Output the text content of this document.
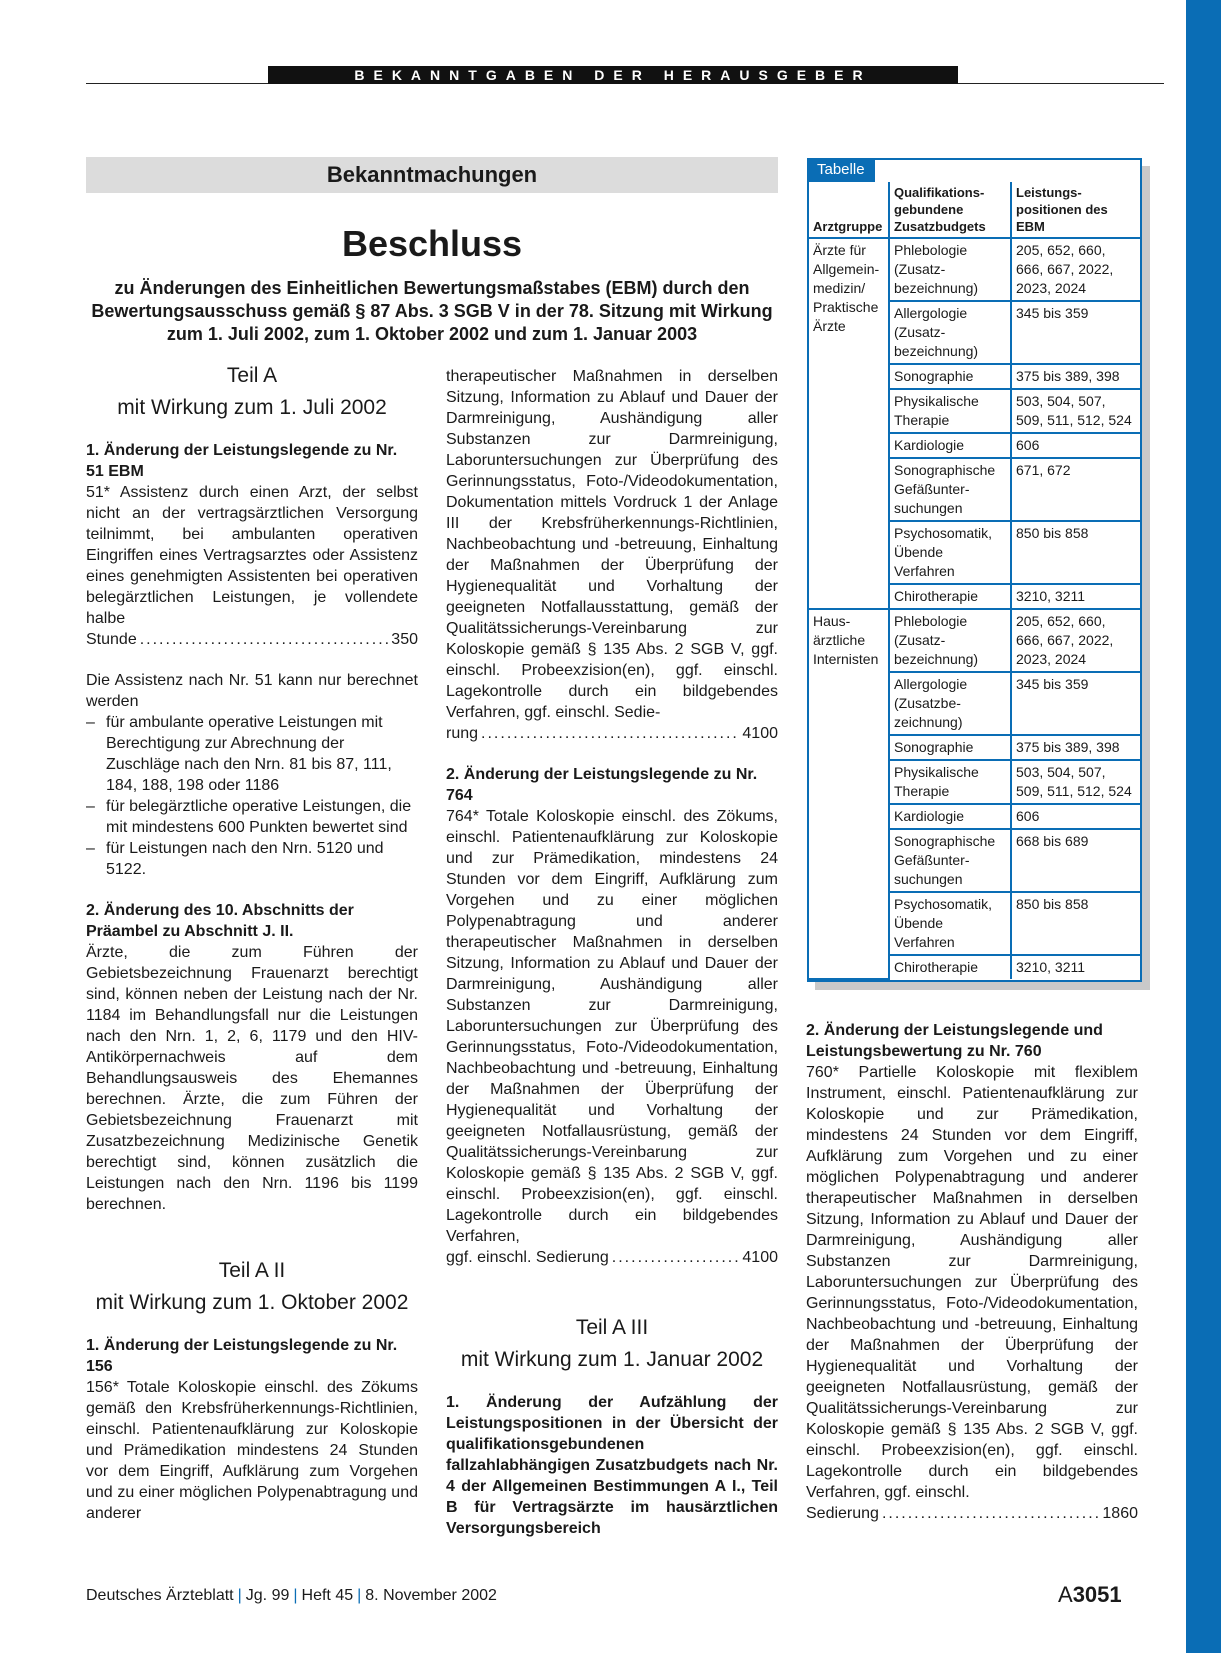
BEKANNTGABEN DER HERAUSGEBER
Bekanntmachungen
Beschluss
zu Änderungen des Einheitlichen Bewertungsmaßstabes (EBM) durch den Bewertungsausschuss gemäß § 87 Abs. 3 SGB V in der 78. Sitzung mit Wirkung zum 1. Juli 2002, zum 1. Oktober 2002 und zum 1. Januar 2003

Teil A

mit Wirkung zum 1. Juli 2002

1. Änderung der Leistungslegende zu Nr. 51 EBM

51* Assistenz durch einen Arzt, der selbst nicht an der vertragsärztlichen Versorgung teilnimmt, bei ambulanten operativen Eingriffen eines Vertragsarztes oder Assistenz eines genehmigten Assistenten bei operativen belegärztlichen Leistungen, je vollendete halbe

Stunde .....	350

Die Assistenz nach Nr. 51 kann nur berechnet werden

– für ambulante operative Leistungen mit Berechtigung zur Abrechnung der Zuschläge nach den Nrn. 81 bis 87, 111, 184, 188, 198 oder 1186
– für belegärztliche operative Leistungen, die mit mindestens 600 Punkten bewertet sind
– für Leistungen nach den Nrn. 5120 und 5122.
2. Änderung des 10. Abschnitts der Präambel zu Abschnitt J. II.

Ärzte, die zum Führen der Gebietsbezeichnung Frauenarzt berechtigt sind, können neben der Leistung nach der Nr. 1184 im Behandlungsfall nur die Leistungen nach den Nrn. 1, 2, 6, 1179 und den HIV-Antikörpernachweis auf dem Behandlungsausweis des Ehemannes berechnen. Ärzte, die zum Führen der Gebietsbezeichnung Frauenarzt mit Zusatzbezeichnung Medizinische Genetik berechtigt sind, können zusätzlich die Leistungen nach den Nrn. 1196 bis 1199 berechnen.

Teil A II

mit Wirkung zum 1. Oktober 2002

1. Änderung der Leistungslegende zu Nr. 156

156* Totale Koloskopie einschl. des Zökums gemäß den Krebsfrüherkennungs-Richtlinien, einschl. Patientenaufklärung zur Koloskopie und Prämedikation mindestens 24 Stunden vor dem Eingriff, Aufklärung zum Vorgehen und zu einer möglichen Polypenabtragung und anderer

therapeutischer Maßnahmen in derselben Sitzung, Information zu Ablauf und Dauer der Darmreinigung, Aushändigung aller Substanzen zur Darmreinigung, Laboruntersuchungen zur Überprüfung des Gerinnungsstatus, Foto-/Videodokumentation, Dokumentation mittels Vordruck 1 der Anlage III der Krebsfrüherkennungs-Richtlinien, Nachbeobachtung und -betreuung, Einhaltung der Maßnahmen der Überprüfung der Hygienequalität und Vorhaltung der geeigneten Notfallausstattung, gemäß der Qualitätssicherungs-Vereinbarung zur Koloskopie gemäß § 135 Abs. 2 SGB V, ggf. einschl. Probeexzision(en), ggf. einschl. Lagekontrolle durch ein bildgebendes Verfahren, ggf. einschl. Sedie-

rung .....	4100
2. Änderung der Leistungslegende zu Nr. 764

764* Totale Koloskopie einschl. des Zökums, einschl. Patientenaufklärung zur Koloskopie und zur Prämedikation, mindestens 24 Stunden vor dem Eingriff, Aufklärung zum Vorgehen und zu einer möglichen Polypenabtragung und anderer therapeutischer Maßnahmen in derselben Sitzung, Information zu Ablauf und Dauer der Darmreinigung, Aushändigung aller Substanzen zur Darmreinigung, Laboruntersuchungen zur Überprüfung des Gerinnungsstatus, Foto-/Videodokumentation, Nachbeobachtung und -betreuung, Einhaltung der Maßnahmen der Überprüfung der Hygienequalität und Vorhaltung der geeigneten Notfallausrüstung, gemäß der Qualitätssicherungs-Vereinbarung zur Koloskopie gemäß § 135 Abs. 2 SGB V, ggf. einschl. Probeexzision(en), ggf. einschl. Lagekontrolle durch ein bildgebendes Verfahren,

ggf. einschl. Sedierung .....	4100

Teil A III

mit Wirkung zum 1. Januar 2002

1. Änderung der Aufzählung der Leistungspositionen in der Übersicht der qualifikationsgebundenen fallzahlabhängigen Zusatzbudgets nach Nr. 4 der Allgemeinen Bestimmungen A I., Teil B für Vertragsärzte im hausärztlichen Versorgungsbereich
Tabelle
Arztgruppe	Qualifikations-gebundene Zusatzbudgets	Leistungs-positionen des EBM
Ärzte für Allgemein-medizin/ Praktische Ärzte	Phlebologie (Zusatz-bezeichnung)	205, 652, 660, 666, 667, 2022, 2023, 2024
	Allergologie (Zusatz-bezeichnung)	345 bis 359
	Sonographie	375 bis 389, 398
	Physikalische Therapie	503, 504, 507, 509, 511, 512, 524
	Kardiologie	606
	Sonographische Gefäßunter-suchungen	671, 672
	Psychosomatik, Übende Verfahren	850 bis 858
	Chirotherapie	3210, 3211
Haus-ärztliche Internisten	Phlebologie (Zusatz-bezeichnung)	205, 652, 660, 666, 667, 2022, 2023, 2024
	Allergologie (Zusatzbe-zeichnung)	345 bis 359
	Sonographie	375 bis 389, 398
	Physikalische Therapie	503, 504, 507, 509, 511, 512, 524
	Kardiologie	606
	Sonographische Gefäßunter-suchungen	668 bis 689
	Psychosomatik, Übende Verfahren	850 bis 858
	Chirotherapie	3210, 3211
2. Änderung der Leistungslegende und Leistungsbewertung zu Nr. 760

760* Partielle Koloskopie mit flexiblem Instrument, einschl. Patientenaufklärung zur Koloskopie und zur Prämedikation, mindestens 24 Stunden vor dem Eingriff, Aufklärung zum Vorgehen und zu einer möglichen Polypenabtragung und anderer therapeutischer Maßnahmen in derselben Sitzung, Information zu Ablauf und Dauer der Darmreinigung, Aushändigung aller Substanzen zur Darmreinigung, Laboruntersuchungen zur Überprüfung des Gerinnungsstatus, Foto-/Videodokumentation, Nachbeobachtung und -betreuung, Einhaltung der Maßnahmen der Überprüfung der Hygienequalität und Vorhaltung der geeigneten Notfallausrüstung, gemäß der Qualitätssicherungs-Vereinbarung zur Koloskopie gemäß § 135 Abs. 2 SGB V, ggf. einschl. Probeexzision(en), ggf. einschl. Lagekontrolle durch ein bildgebendes Verfahren, ggf. einschl.

Sedierung .....	1860
Deutsches Ärzteblatt | Jg. 99 | Heft 45 | 8. November 2002	A3051
